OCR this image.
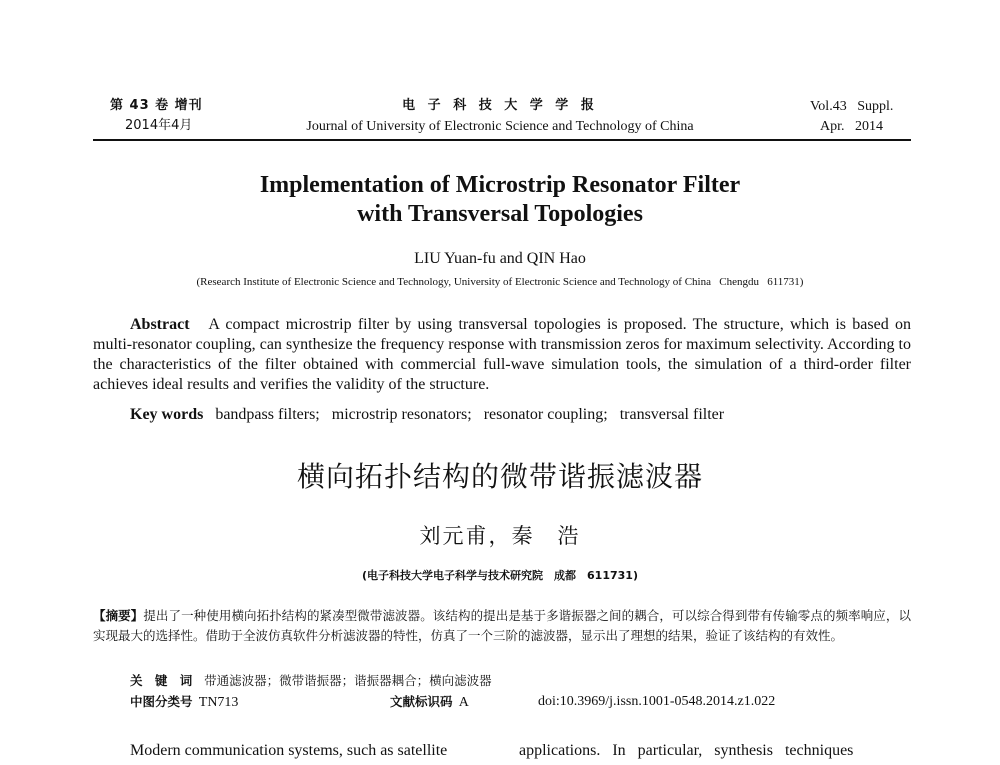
第 43 卷 增刊
2014年4月
电 子 科 技 大 学 学 报
Journal of University of Electronic Science and Technology of China
Vol.43   Suppl.
Apr.   2014
Implementation of Microstrip Resonator Filter
with Transversal Topologies
LIU Yuan-fu and QIN Hao
(Research Institute of Electronic Science and Technology, University of Electronic Science and Technology of China   Chengdu   611731)
Abstract A compact microstrip filter by using transversal topologies is proposed. The structure, which is based on multi-resonator coupling, can synthesize the frequency response with transmission zeros for maximum selectivity. According to the characteristics of the filter obtained with commercial full-wave simulation tools, the simulation of a third-order filter achieves ideal results and verifies the validity of the structure.
Key words bandpass filters;   microstrip resonators;   resonator coupling;   transversal filter
横向拓扑结构的微带谐振滤波器
刘元甫，秦　浩
(电子科技大学电子科学与技术研究院　成都　611731)
【摘要】提出了一种使用横向拓扑结构的紧凑型微带滤波器。该结构的提出是基于多谐振器之间的耦合，可以综合得到带有传输零点的频率响应，以实现最大的选择性。借助于全波仿真软件分析滤波器的特性，仿真了一个三阶的滤波器，显示出了理想的结果，验证了该结构的有效性。
关 键 词 带通滤波器；微带谐振器；谐振器耦合；横向滤波器
中图分类号 TN713	文献标识码 A	doi:10.3969/j.issn.1001-0548.2014.z1.022
Modern communication systems, such as satellite	applications.   In   particular,   synthesis   techniques
